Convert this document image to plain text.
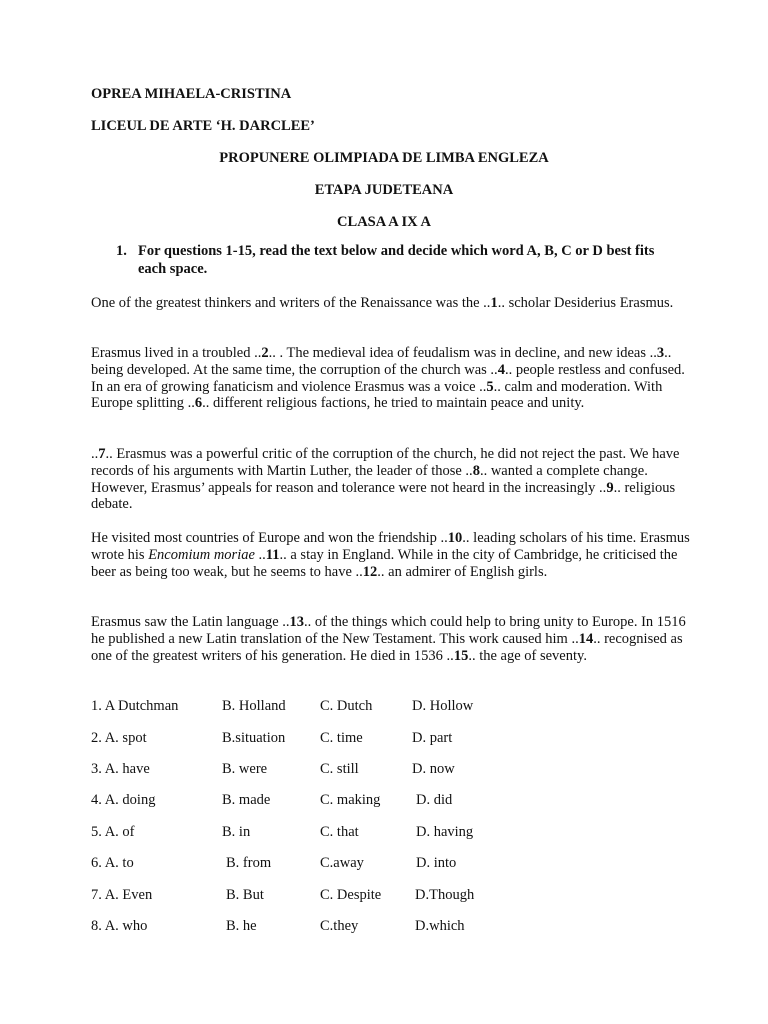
OPREA MIHAELA-CRISTINA
LICEUL DE ARTE ‘H. DARCLEE’
PROPUNERE OLIMPIADA DE LIMBA ENGLEZA
ETAPA JUDETEANA
CLASA A IX A
1. For questions 1-15, read the text below and decide which word A, B, C or D best fits each space.
One of the greatest thinkers and writers of the Renaissance was the ..1.. scholar Desiderius Erasmus.
Erasmus lived in a troubled ..2.. . The medieval idea of feudalism was in decline, and new ideas ..3.. being developed. At the same time, the corruption of the church was ..4.. people restless and confused. In an era of growing fanaticism and violence Erasmus was a voice ..5.. calm and moderation. With Europe splitting ..6.. different religious factions, he tried to maintain peace and unity.
..7.. Erasmus was a powerful critic of the corruption of the church, he did not reject the past. We have records of his arguments with Martin Luther, the leader of those ..8.. wanted a complete change. However, Erasmus’ appeals for reason and tolerance were not heard in the increasingly ..9.. religious debate.
He visited most countries of Europe and won the friendship ..10.. leading scholars of his time. Erasmus wrote his Encomium moriae ..11.. a stay in England. While in the city of Cambridge, he criticised the beer as being too weak, but he seems to have ..12.. an admirer of English girls.
Erasmus saw the Latin language ..13.. of the things which could help to bring unity to Europe. In 1516 he published a new Latin translation of the New Testament. This work caused him ..14.. recognised as one of the greatest writers of his generation. He died in 1536 ..15.. the age of seventy.
1. A Dutchman	B. Holland C. Dutch	D. Hollow
2. A. spot	B.situation C. time	D. part
3. A. have	B. were	C. still	D. now
4. A. doing	B. made	C. making D. did
5. A. of	B. in	C. that	D. having
6. A. to	B. from	C.away	D. into
7. A. Even	B. But	C. Despite D.Though
8. A. who	B. he	C.they	D.which
